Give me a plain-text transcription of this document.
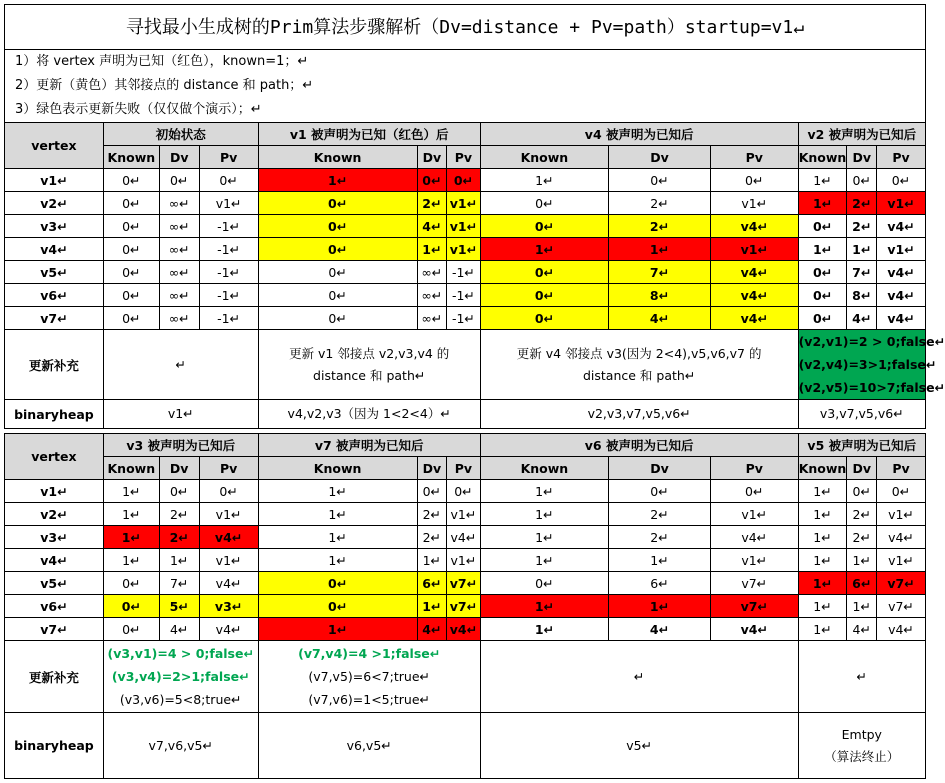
寻找最小生成树的Prim算法步骤解析（Dv=distance + Pv=path）startup=v1↵
1）将 vertex 声明为已知（红色），known=1；↵
2）更新（黄色）其邻接点的 distance 和 path；↵
3）绿色表示更新失败（仅仅做个演示）；↵
vertex	初始状态			v1 被声明为已知（红色）后			v4 被声明为已知后			v2 被声明为已知后		
	Known	Dv	Pv	Known	Dv	Pv	Known	Dv	Pv	Known	Dv	Pv
v1↵	0↵	0↵	0↵	1↵	0↵	0↵	1↵	0↵	0↵	1↵	0↵	0↵
v2↵	0↵	∞↵	v1↵	0↵	2↵	v1↵	0↵	2↵	v1↵	1↵	2↵	v1↵
v3↵	0↵	∞↵	-1↵	0↵	4↵	v1↵	0↵	2↵	v4↵	0↵	2↵	v4↵
v4↵	0↵	∞↵	-1↵	0↵	1↵	v1↵	1↵	1↵	v1↵	1↵	1↵	v1↵
v5↵	0↵	∞↵	-1↵	0↵	∞↵	-1↵	0↵	7↵	v4↵	0↵	7↵	v4↵
v6↵	0↵	∞↵	-1↵	0↵	∞↵	-1↵	0↵	8↵	v4↵	0↵	8↵	v4↵
v7↵	0↵	∞↵	-1↵	0↵	∞↵	-1↵	0↵	4↵	v4↵	0↵	4↵	v4↵
更新补充	↵			更新 v1 邻接点 v2,v3,v4 的
distance 和 path↵			更新 v4 邻接点 v3(因为 2<4),v5,v6,v7 的
distance 和 path↵			(v2,v1)=2 > 0;false↵
(v2,v4)=3>1;false↵
(v2,v5)=10>7;false↵		

binaryheap	v1↵			v4,v2,v3（因为 1<2<4）↵			v2,v3,v7,v5,v6↵			v3,v7,v5,v6↵		
vertex	v3 被声明为已知后			v7 被声明为已知后			v6 被声明为已知后			v5 被声明为已知后		
	Known	Dv	Pv	Known	Dv	Pv	Known	Dv	Pv	Known	Dv	Pv
v1↵	1↵	0↵	0↵	1↵	0↵	0↵	1↵	0↵	0↵	1↵	0↵	0↵
v2↵	1↵	2↵	v1↵	1↵	2↵	v1↵	1↵	2↵	v1↵	1↵	2↵	v1↵
v3↵	1↵	2↵	v4↵	1↵	2↵	v4↵	1↵	2↵	v4↵	1↵	2↵	v4↵
v4↵	1↵	1↵	v1↵	1↵	1↵	v1↵	1↵	1↵	v1↵	1↵	1↵	v1↵
v5↵	0↵	7↵	v4↵	0↵	6↵	v7↵	0↵	6↵	v7↵	1↵	6↵	v7↵
v6↵	0↵	5↵	v3↵	0↵	1↵	v7↵	1↵	1↵	v7↵	1↵	1↵	v7↵
v7↵	0↵	4↵	v4↵	1↵	4↵	v4↵	1↵	4↵	v4↵	1↵	4↵	v4↵
更新补充	(v3,v1)=4 > 0;false↵
(v3,v4)=2>1;false↵
(v3,v6)=5<8;true↵			(v7,v4)=4 >1;false↵
(v7,v5)=6<7;true↵
(v7,v6)=1<5;true↵			↵			↵		
binaryheap	v7,v6,v5↵			v6,v5↵			v5↵			Emtpy
（算法终止）		
